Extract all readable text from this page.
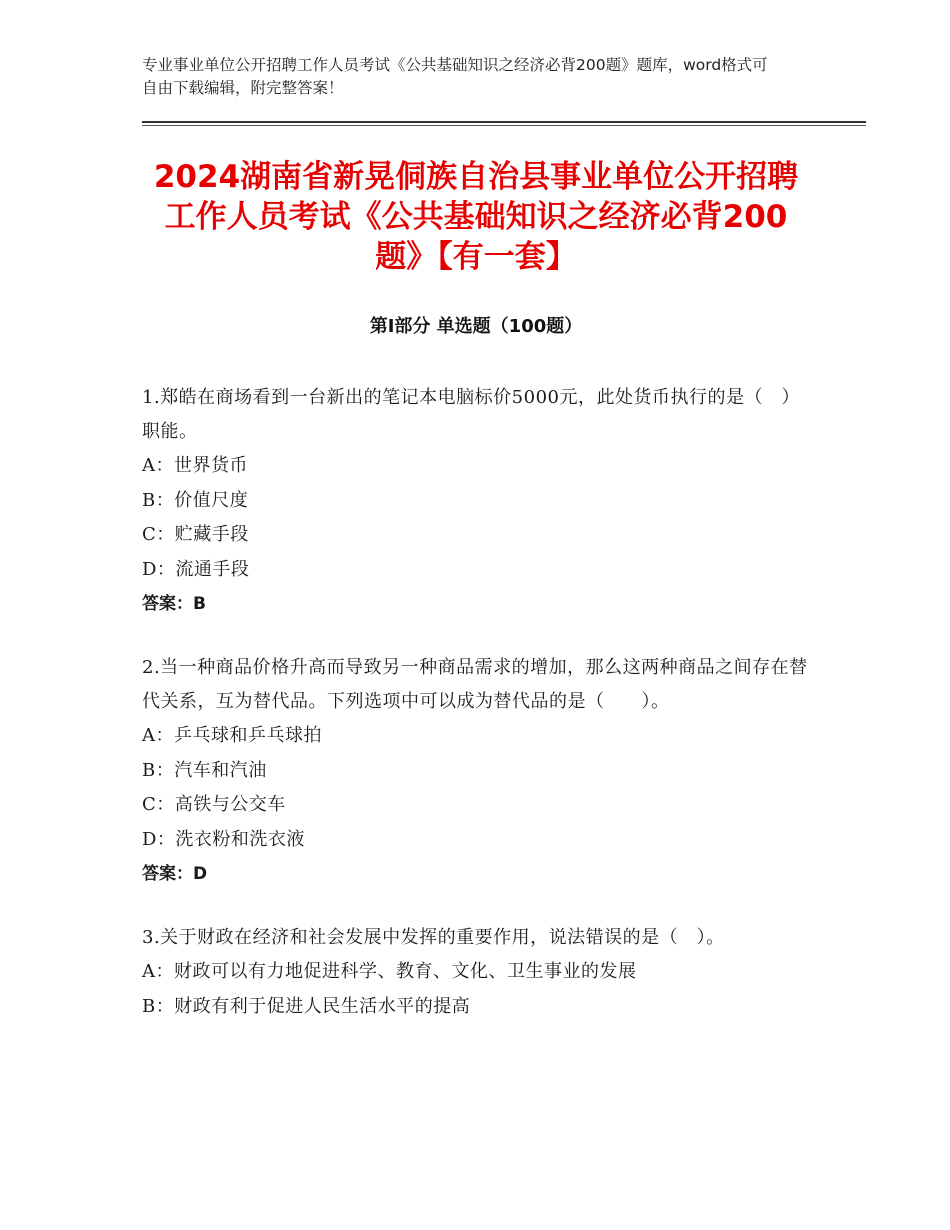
专业事业单位公开招聘工作人员考试《公共基础知识之经济必背200题》题库，word格式可自由下载编辑，附完整答案！

2024湖南省新晃侗族自治县事业单位公开招聘工作人员考试《公共基础知识之经济必背200题》【有一套】
第Ⅰ部分 单选题（100题）

1.郑皓在商场看到一台新出的笔记本电脑标价5000元，此处货币执行的是（　）职能。

A：世界货币

B：价值尺度

C：贮藏手段

D：流通手段

答案：B

2.当一种商品价格升高而导致另一种商品需求的增加，那么这两种商品之间存在替代关系，互为替代品。下列选项中可以成为替代品的是（　　）。

A：乒乓球和乒乓球拍

B：汽车和汽油

C：高铁与公交车

D：洗衣粉和洗衣液

答案：D

3.关于财政在经济和社会发展中发挥的重要作用，说法错误的是（　）。

A：财政可以有力地促进科学、教育、文化、卫生事业的发展

B：财政有利于促进人民生活水平的提高
